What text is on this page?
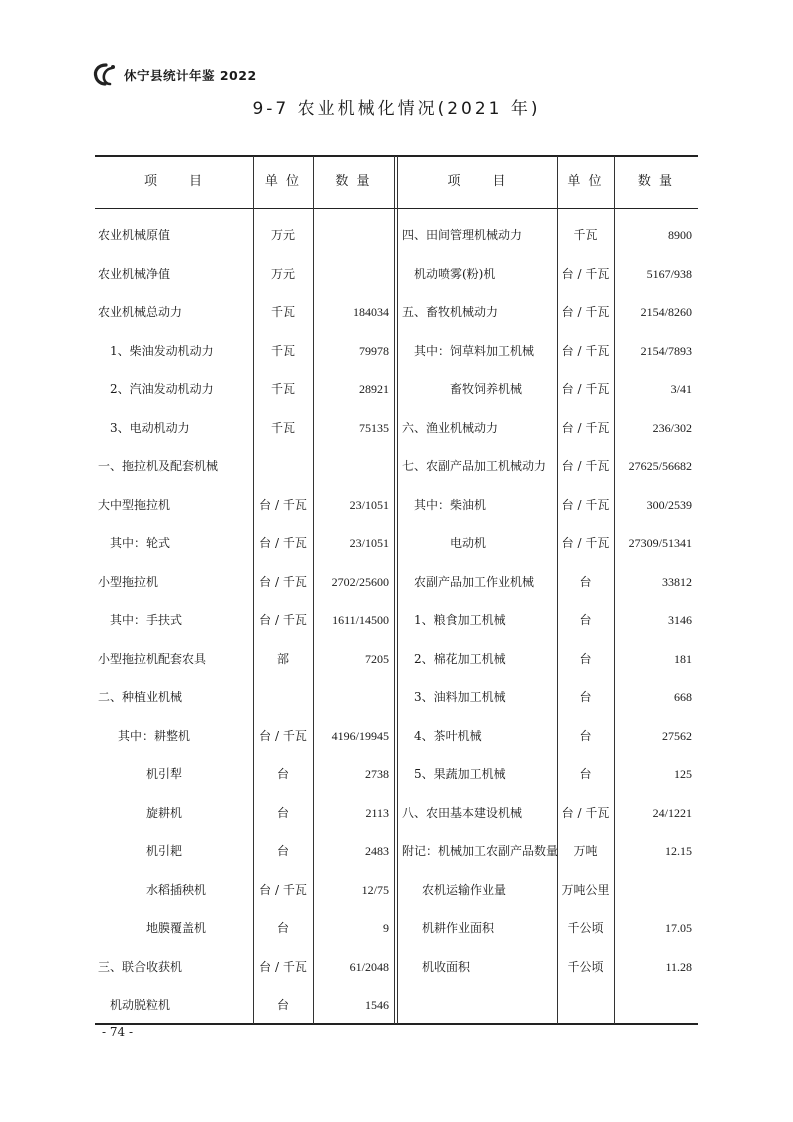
休宁县统计年鉴 2022
9-7 农业机械化情况(2021 年)
项　　目	单 位	数 量	项　　目	单 位	数 量
农业机械原值	万元
农业机械净值	万元
农业机械总动力	千瓦	184034
1、柴油发动机动力	千瓦	79978
2、汽油发动机动力	千瓦	28921
3、电动机动力	千瓦	75135
一、拖拉机及配套机械
大中型拖拉机	台 / 千瓦	23/1051
其中：轮式	台 / 千瓦	23/1051
小型拖拉机	台 / 千瓦	2702/25600
其中：手扶式	台 / 千瓦	1611/14500
小型拖拉机配套农具	部	7205
二、种植业机械
其中：耕整机	台 / 千瓦	4196/19945
机引犁	台	2738
旋耕机	台	2113
机引耙	台	2483
水稻插秧机	台 / 千瓦	12/75
地膜覆盖机	台	9
三、联合收获机	台 / 千瓦	61/2048
机动脱粒机	台	1546
四、田间管理机械动力	千瓦	8900
机动喷雾(粉)机	台 / 千瓦	5167/938
五、畜牧机械动力	台 / 千瓦	2154/8260
其中：饲草料加工机械	台 / 千瓦	2154/7893
畜牧饲养机械	台 / 千瓦	3/41
六、渔业机械动力	台 / 千瓦	236/302
七、农副产品加工机械动力	台 / 千瓦	27625/56682
其中：柴油机	台 / 千瓦	300/2539
电动机	台 / 千瓦	27309/51341
农副产品加工作业机械	台	33812
1、粮食加工机械	台	3146
2、棉花加工机械	台	181
3、油料加工机械	台	668
4、茶叶机械	台	27562
5、果蔬加工机械	台	125
八、农田基本建设机械	台 / 千瓦	24/1221
附记：机械加工农副产品数量	万吨	12.15
农机运输作业量	万吨公里
机耕作业面积	千公顷	17.05
机收面积	千公顷	11.28
- 74 -
